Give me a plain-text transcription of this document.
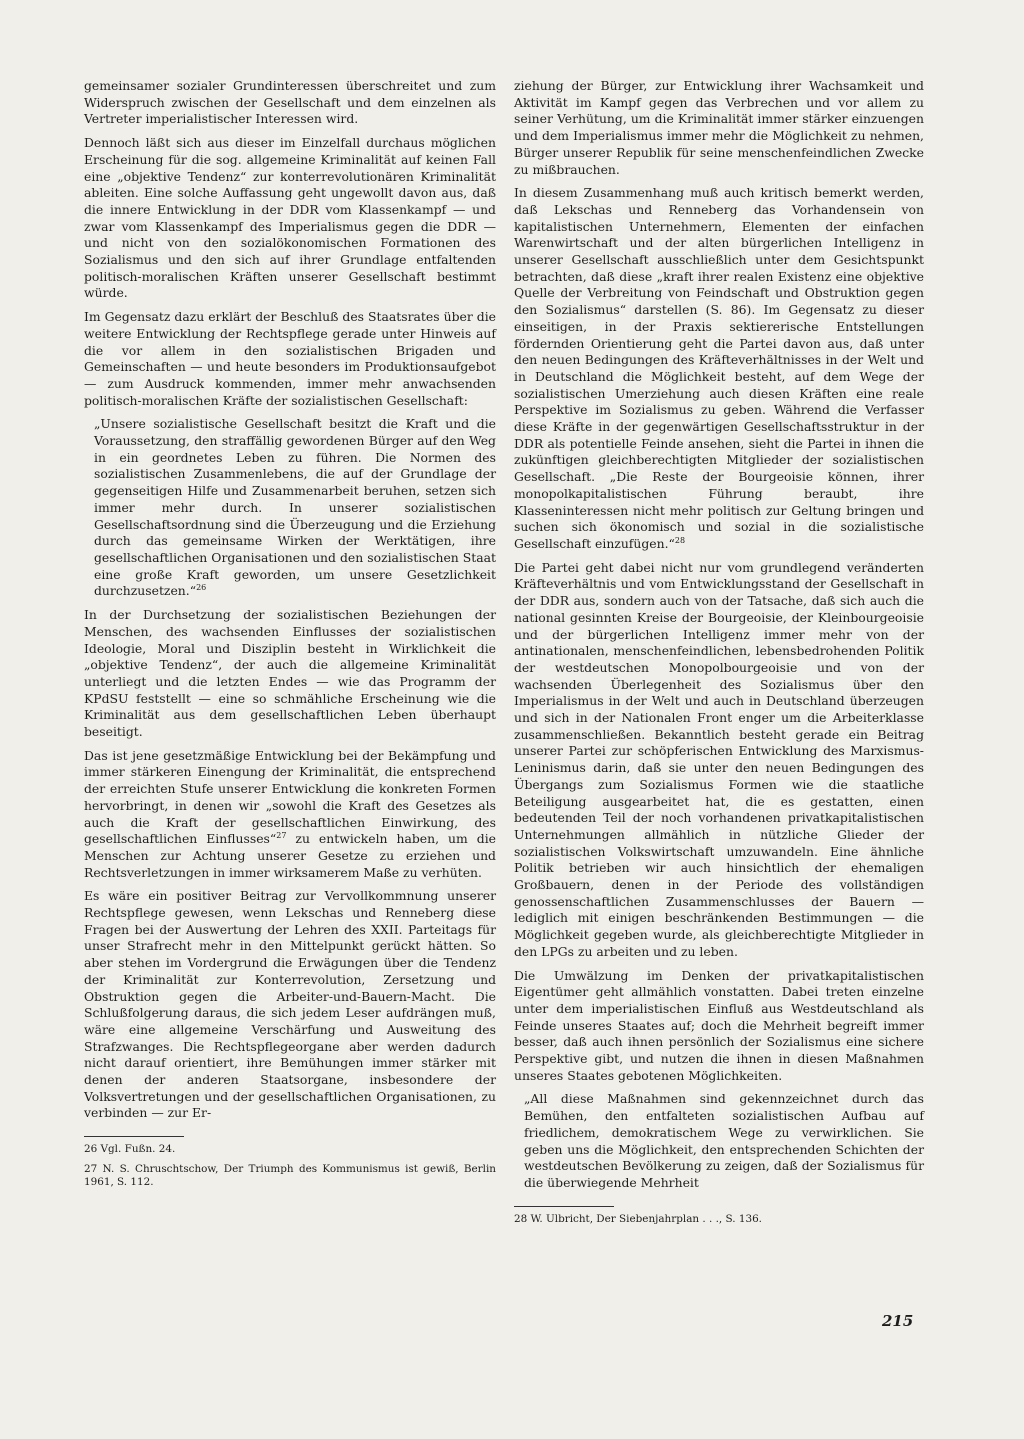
gemeinsamer sozialer Grundinteressen überschreitet und zum Widerspruch zwischen der Gesellschaft und dem einzelnen als Vertreter imperialistischer Interessen wird.

Dennoch läßt sich aus dieser im Einzelfall durchaus möglichen Erscheinung für die sog. allgemeine Kriminalität auf keinen Fall eine „objektive Tendenz“ zur konterrevolutionären Kriminalität ableiten. Eine solche Auffassung geht ungewollt davon aus, daß die innere Entwicklung in der DDR vom Klassenkampf — und zwar vom Klassenkampf des Imperialismus gegen die DDR — und nicht von den sozialökonomischen Formationen des Sozialismus und den sich auf ihrer Grundlage entfaltenden politisch-moralischen Kräften unserer Gesellschaft bestimmt würde.

Im Gegensatz dazu erklärt der Beschluß des Staatsrates über die weitere Entwicklung der Rechtspflege gerade unter Hinweis auf die vor allem in den sozialistischen Brigaden und Gemeinschaften — und heute besonders im Produktionsaufgebot — zum Ausdruck kommenden, immer mehr anwachsenden politisch-moralischen Kräfte der sozialistischen Gesellschaft:

„Unsere sozialistische Gesellschaft besitzt die Kraft und die Voraussetzung, den straffällig gewordenen Bürger auf den Weg in ein geordnetes Leben zu führen. Die Normen des sozialistischen Zusammenlebens, die auf der Grundlage der gegenseitigen Hilfe und Zusammenarbeit beruhen, setzen sich immer mehr durch. In unserer sozialistischen Gesellschaftsordnung sind die Überzeugung und die Erziehung durch das gemeinsame Wirken der Werktätigen, ihre gesellschaftlichen Organisationen und den sozialistischen Staat eine große Kraft geworden, um unsere Gesetzlichkeit durchzusetzen.“$^{26}$

In der Durchsetzung der sozialistischen Beziehungen der Menschen, des wachsenden Einflusses der sozialistischen Ideologie, Moral und Disziplin besteht in Wirklichkeit die „objektive Tendenz“, der auch die allgemeine Kriminalität unterliegt und die letzten Endes — wie das Programm der KPdSU feststellt — eine so schmähliche Erscheinung wie die Kriminalität aus dem gesellschaftlichen Leben überhaupt beseitigt.

Das ist jene gesetzmäßige Entwicklung bei der Bekämpfung und immer stärkeren Einengung der Kriminalität, die entsprechend der erreichten Stufe unserer Entwicklung die konkreten Formen hervorbringt, in denen wir „sowohl die Kraft des Gesetzes als auch die Kraft der gesellschaftlichen Einwirkung, des gesellschaftlichen Einflusses“$^{27}$ zu entwickeln haben, um die Menschen zur Achtung unserer Gesetze zu erziehen und Rechtsverletzungen in immer wirksamerem Maße zu verhüten.

Es wäre ein positiver Beitrag zur Vervollkommnung unserer Rechtspflege gewesen, wenn Lekschas und Renneberg diese Fragen bei der Auswertung der Lehren des XXII. Parteitags für unser Strafrecht mehr in den Mittelpunkt gerückt hätten. So aber stehen im Vordergrund die Erwägungen über die Tendenz der Kriminalität zur Konterrevolution, Zersetzung und Obstruktion gegen die Arbeiter-und-Bauern-Macht. Die Schlußfolgerung daraus, die sich jedem Leser aufdrängen muß, wäre eine allgemeine Verschärfung und Ausweitung des Strafzwanges. Die Rechtspflegeorgane aber werden dadurch nicht darauf orientiert, ihre Bemühungen immer stärker mit denen der anderen Staatsorgane, insbesondere der Volksvertretungen und der gesellschaftlichen Organisationen, zu verbinden — zur Er-

26 Vgl. Fußn. 24.

27 N. S. Chruschtschow, Der Triumph des Kommunismus ist gewiß, Berlin 1961, S. 112.

ziehung der Bürger, zur Entwicklung ihrer Wachsamkeit und Aktivität im Kampf gegen das Verbrechen und vor allem zu seiner Verhütung, um die Kriminalität immer stärker einzuengen und dem Imperialismus immer mehr die Möglichkeit zu nehmen, Bürger unserer Republik für seine menschenfeindlichen Zwecke zu mißbrauchen.

In diesem Zusammenhang muß auch kritisch bemerkt werden, daß Lekschas und Renneberg das Vorhandensein von kapitalistischen Unternehmern, Elementen der einfachen Warenwirtschaft und der alten bürgerlichen Intelligenz in unserer Gesellschaft ausschließlich unter dem Gesichtspunkt betrachten, daß diese „kraft ihrer realen Existenz eine objektive Quelle der Verbreitung von Feindschaft und Obstruktion gegen den Sozialismus“ darstellen (S. 86). Im Gegensatz zu dieser einseitigen, in der Praxis sektiererische Entstellungen fördernden Orientierung geht die Partei davon aus, daß unter den neuen Bedingungen des Kräfteverhältnisses in der Welt und in Deutschland die Möglichkeit besteht, auf dem Wege der sozialistischen Umerziehung auch diesen Kräften eine reale Perspektive im Sozialismus zu geben. Während die Verfasser diese Kräfte in der gegenwärtigen Gesellschaftsstruktur in der DDR als potentielle Feinde ansehen, sieht die Partei in ihnen die zukünftigen gleichberechtigten Mitglieder der sozialistischen Gesellschaft. „Die Reste der Bourgeoisie können, ihrer monopolkapitalistischen Führung beraubt, ihre Klasseninteressen nicht mehr politisch zur Geltung bringen und suchen sich ökonomisch und sozial in die sozialistische Gesellschaft einzufügen.“$^{28}$

Die Partei geht dabei nicht nur vom grundlegend veränderten Kräfteverhältnis und vom Entwicklungsstand der Gesellschaft in der DDR aus, sondern auch von der Tatsache, daß sich auch die national gesinnten Kreise der Bourgeoisie, der Kleinbourgeoisie und der bürgerlichen Intelligenz immer mehr von der antinationalen, menschenfeindlichen, lebensbedrohenden Politik der westdeutschen Monopolbourgeoisie und von der wachsenden Überlegenheit des Sozialismus über den Imperialismus in der Welt und auch in Deutschland überzeugen und sich in der Nationalen Front enger um die Arbeiterklasse zusammenschließen. Bekanntlich besteht gerade ein Beitrag unserer Partei zur schöpferischen Entwicklung des Marxismus-Leninismus darin, daß sie unter den neuen Bedingungen des Übergangs zum Sozialismus Formen wie die staatliche Beteiligung ausgearbeitet hat, die es gestatten, einen bedeutenden Teil der noch vorhandenen privatkapitalistischen Unternehmungen allmählich in nützliche Glieder der sozialistischen Volkswirtschaft umzuwandeln. Eine ähnliche Politik betrieben wir auch hinsichtlich der ehemaligen Großbauern, denen in der Periode des vollständigen genossenschaftlichen Zusammenschlusses der Bauern — lediglich mit einigen beschränkenden Bestimmungen — die Möglichkeit gegeben wurde, als gleichberechtigte Mitglieder in den LPGs zu arbeiten und zu leben.

Die Umwälzung im Denken der privatkapitalistischen Eigentümer geht allmählich vonstatten. Dabei treten einzelne unter dem imperialistischen Einfluß aus Westdeutschland als Feinde unseres Staates auf; doch die Mehrheit begreift immer besser, daß auch ihnen persönlich der Sozialismus eine sichere Perspektive gibt, und nutzen die ihnen in diesen Maßnahmen unseres Staates gebotenen Möglichkeiten.

„All diese Maßnahmen sind gekennzeichnet durch das Bemühen, den entfalteten sozialistischen Aufbau auf friedlichem, demokratischem Wege zu verwirklichen. Sie geben uns die Möglichkeit, den entsprechenden Schichten der westdeutschen Bevölkerung zu zeigen, daß der Sozialismus für die überwiegende Mehrheit

28 W. Ulbricht, Der Siebenjahrplan . . ., S. 136.

215
